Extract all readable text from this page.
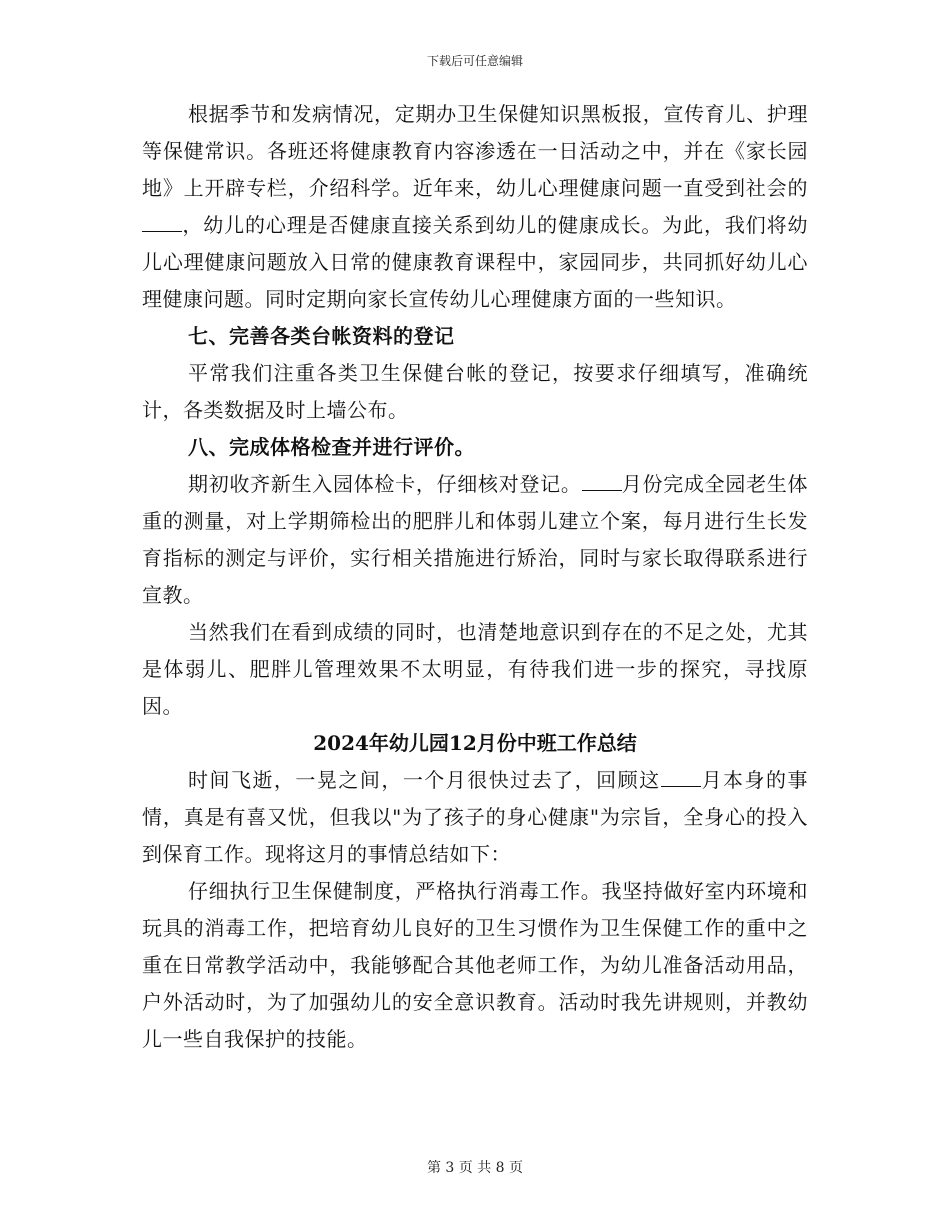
下载后可任意编辑

根据季节和发病情况，定期办卫生保健知识黑板报，宣传育儿、护理等保健常识。各班还将健康教育内容渗透在一日活动之中，并在《家长园地》上开辟专栏，介绍科学。近年来，幼儿心理健康问题一直受到社会的，幼儿的心理是否健康直接关系到幼儿的健康成长。为此，我们将幼儿心理健康问题放入日常的健康教育课程中，家园同步，共同抓好幼儿心理健康问题。同时定期向家长宣传幼儿心理健康方面的一些知识。

七、完善各类台帐资料的登记

平常我们注重各类卫生保健台帐的登记，按要求仔细填写，准确统计，各类数据及时上墙公布。

八、完成体格检查并进行评价。

期初收齐新生入园体检卡，仔细核对登记。 月份完成全园老生体重的测量，对上学期筛检出的肥胖儿和体弱儿建立个案，每月进行生长发育指标的测定与评价，实行相关措施进行矫治，同时与家长取得联系进行宣教。

当然我们在看到成绩的同时，也清楚地意识到存在的不足之处，尤其是体弱儿、肥胖儿管理效果不太明显，有待我们进一步的探究，寻找原因。

2024年幼儿园12月份中班工作总结

时间飞逝，一晃之间，一个月很快过去了，回顾这 月本身的事情，真是有喜又忧，但我以"为了孩子的身心健康"为宗旨，全身心的投入到保育工作。现将这月的事情总结如下：

仔细执行卫生保健制度，严格执行消毒工作。我坚持做好室内环境和玩具的消毒工作，把培育幼儿良好的卫生习惯作为卫生保健工作的重中之重在日常教学活动中，我能够配合其他老师工作，为幼儿准备活动用品，户外活动时，为了加强幼儿的安全意识教育。活动时我先讲规则，并教幼儿一些自我保护的技能。

第 3 页 共 8 页
